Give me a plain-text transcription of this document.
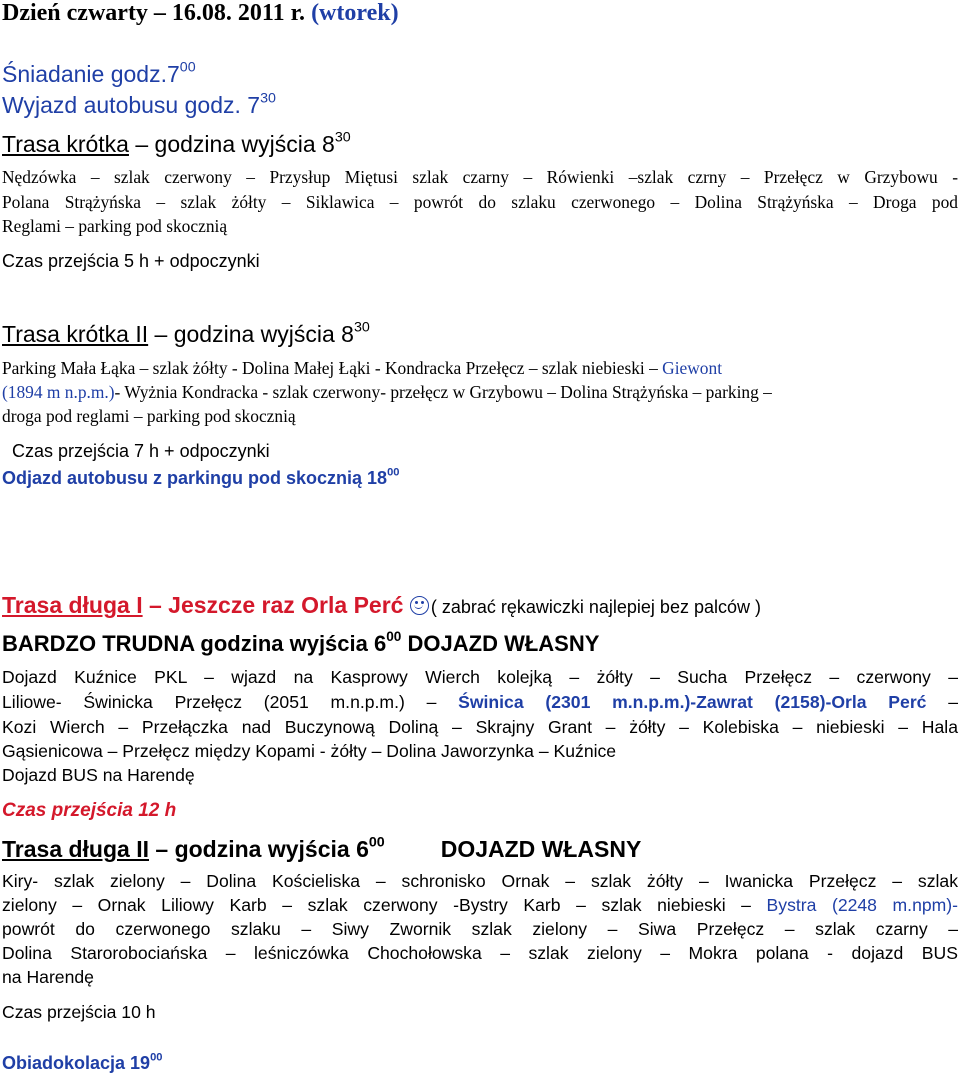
Dzień czwarty – 16.08. 2011 r. (wtorek)

Śniadanie $godz.7^{00}$

Wyjazd autobusu godz. $7^{30}$

Trasa krótka – godzina wyjścia $8^{30}$

Nędzówka – szlak czerwony – Przysłup Miętusi szlak czarny – Rówienki –szlak czrny – Przełęcz w Grzybowu -

Polana Strążyńska – szlak żółty – Siklawica – powrót do szlaku czerwonego – Dolina Strążyńska – Droga pod

Reglami – parking pod skocznią

Czas przejścia 5 h + odpoczynki

Trasa krótka II – godzina wyjścia $8^{30}$

Parking Mała Łąka – szlak żółty - Dolina Małej Łąki - Kondracka Przełęcz – szlak niebieski – Giewont

(1894 m n.p.m.)- Wyżnia Kondracka - szlak czerwony- przełęcz w Grzybowu – Dolina Strążyńska – parking –

droga pod reglami – parking pod skocznią

Czas przejścia 7 h + odpoczynki

Odjazd autobusu z parkingu pod skocznią $18^{00}$

Trasa długa I – Jeszcze raz Orla Perć
( zabrać rękawiczki najlepiej bez palców )

BARDZO TRUDNA godzina wyjścia $6^{00}$ DOJAZD WŁASNY

Dojazd Kuźnice PKL – wjazd na Kasprowy Wierch kolejką – żółty – Sucha Przełęcz – czerwony –

Liliowe- Świnicka Przełęcz (2051 m.n.p.m.) – Świnica (2301 m.n.p.m.)-Zawrat (2158)-Orla Perć –

Kozi Wierch – Przełączka nad Buczynową Doliną – Skrajny Grant – żółty – Kolebiska – niebieski – Hala

Gąsienicowa – Przełęcz między Kopami - żółty – Dolina Jaworzynka – Kuźnice

Dojazd BUS na Harendę

Czas przejścia 12 h

Trasa długa II – godzina wyjścia $6^{00}$ DOJAZD WŁASNY

Kiry- szlak zielony – Dolina Kościeliska – schronisko Ornak – szlak żółty – Iwanicka Przełęcz – szlak

zielony – Ornak Liliowy Karb – szlak czerwony -Bystry Karb – szlak niebieski – Bystra (2248 m.npm)-

powrót do czerwonego szlaku – Siwy Zwornik szlak zielony – Siwa Przełęcz – szlak czarny –

Dolina Starorobociańska – leśniczówka Chochołowska – szlak zielony – Mokra polana - dojazd BUS

na Harendę

Czas przejścia 10 h

Obiadokolacja $19^{00}$
